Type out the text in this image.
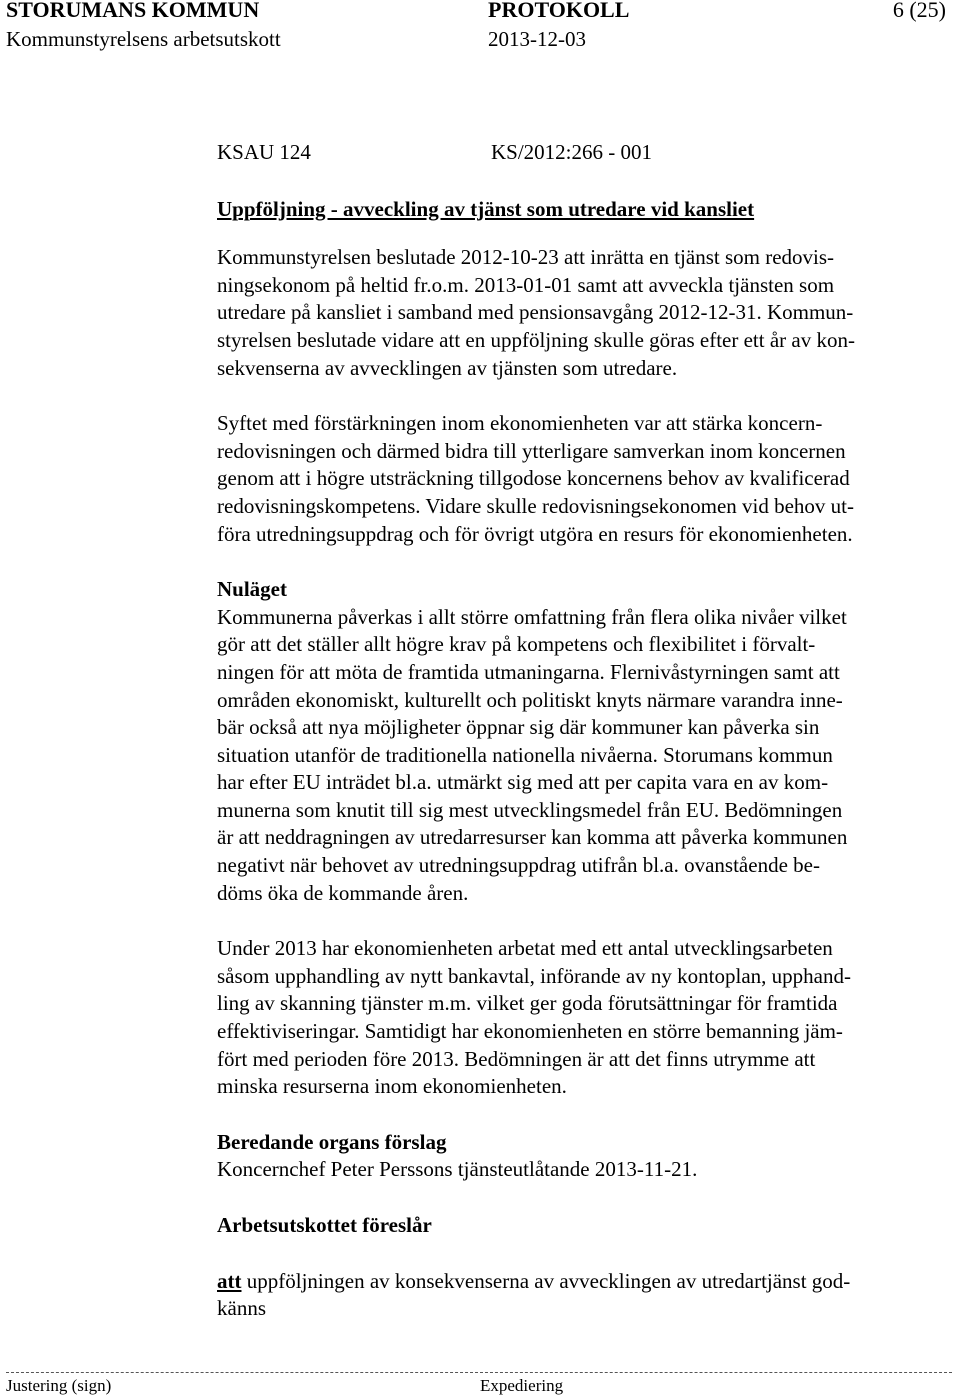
STORUMANS KOMMUN	PROTOKOLL	6 (25)
Kommunstyrelsens arbetsutskott	2013-12-03

KSAU 124	KS/2012:266 - 001

Uppföljning - avveckling av tjänst som utredare vid kansliet

Kommunstyrelsen beslutade 2012-10-23 att inrätta en tjänst som redovis-
ningsekonom på heltid fr.o.m. 2013-01-01 samt att avveckla tjänsten som
utredare på kansliet i samband med pensionsavgång 2012-12-31. Kommun-
styrelsen beslutade vidare att en uppföljning skulle göras efter ett år av kon-
sekvenserna av avvecklingen av tjänsten som utredare.

Syftet med förstärkningen inom ekonomienheten var att stärka koncern-
redovisningen och därmed bidra till ytterligare samverkan inom koncernen
genom att i högre utsträckning tillgodose koncernens behov av kvalificerad
redovisningskompetens. Vidare skulle redovisningsekonomen vid behov ut-
föra utredningsuppdrag och för övrigt utgöra en resurs för ekonomienheten.

Nuläget

Kommunerna påverkas i allt större omfattning från flera olika nivåer vilket
gör att det ställer allt högre krav på kompetens och flexibilitet i förvalt-
ningen för att möta de framtida utmaningarna. Flernivåstyrningen samt att
områden ekonomiskt, kulturellt och politiskt knyts närmare varandra inne-
bär också att nya möjligheter öppnar sig där kommuner kan påverka sin
situation utanför de traditionella nationella nivåerna. Storumans kommun
har efter EU inträdet bl.a. utmärkt sig med att per capita vara en av kom-
munerna som knutit till sig mest utvecklingsmedel från EU. Bedömningen
är att neddragningen av utredarresurser kan komma att påverka kommunen
negativt när behovet av utredningsuppdrag utifrån bl.a. ovanstående be-
döms öka de kommande åren.

Under 2013 har ekonomienheten arbetat med ett antal utvecklingsarbeten
såsom upphandling av nytt bankavtal, införande av ny kontoplan, upphand-
ling av skanning tjänster m.m. vilket ger goda förutsättningar för framtida
effektiviseringar. Samtidigt har ekonomienheten en större bemanning jäm-
fört med perioden före 2013. Bedömningen är att det finns utrymme att
minska resurserna inom ekonomienheten.

Beredande organs förslag

Koncernchef Peter Perssons tjänsteutlåtande 2013-11-21.

Arbetsutskottet föreslår

att uppföljningen av konsekvenserna av avvecklingen av utredartjänst god-
känns

Justering (sign)	Expediering
